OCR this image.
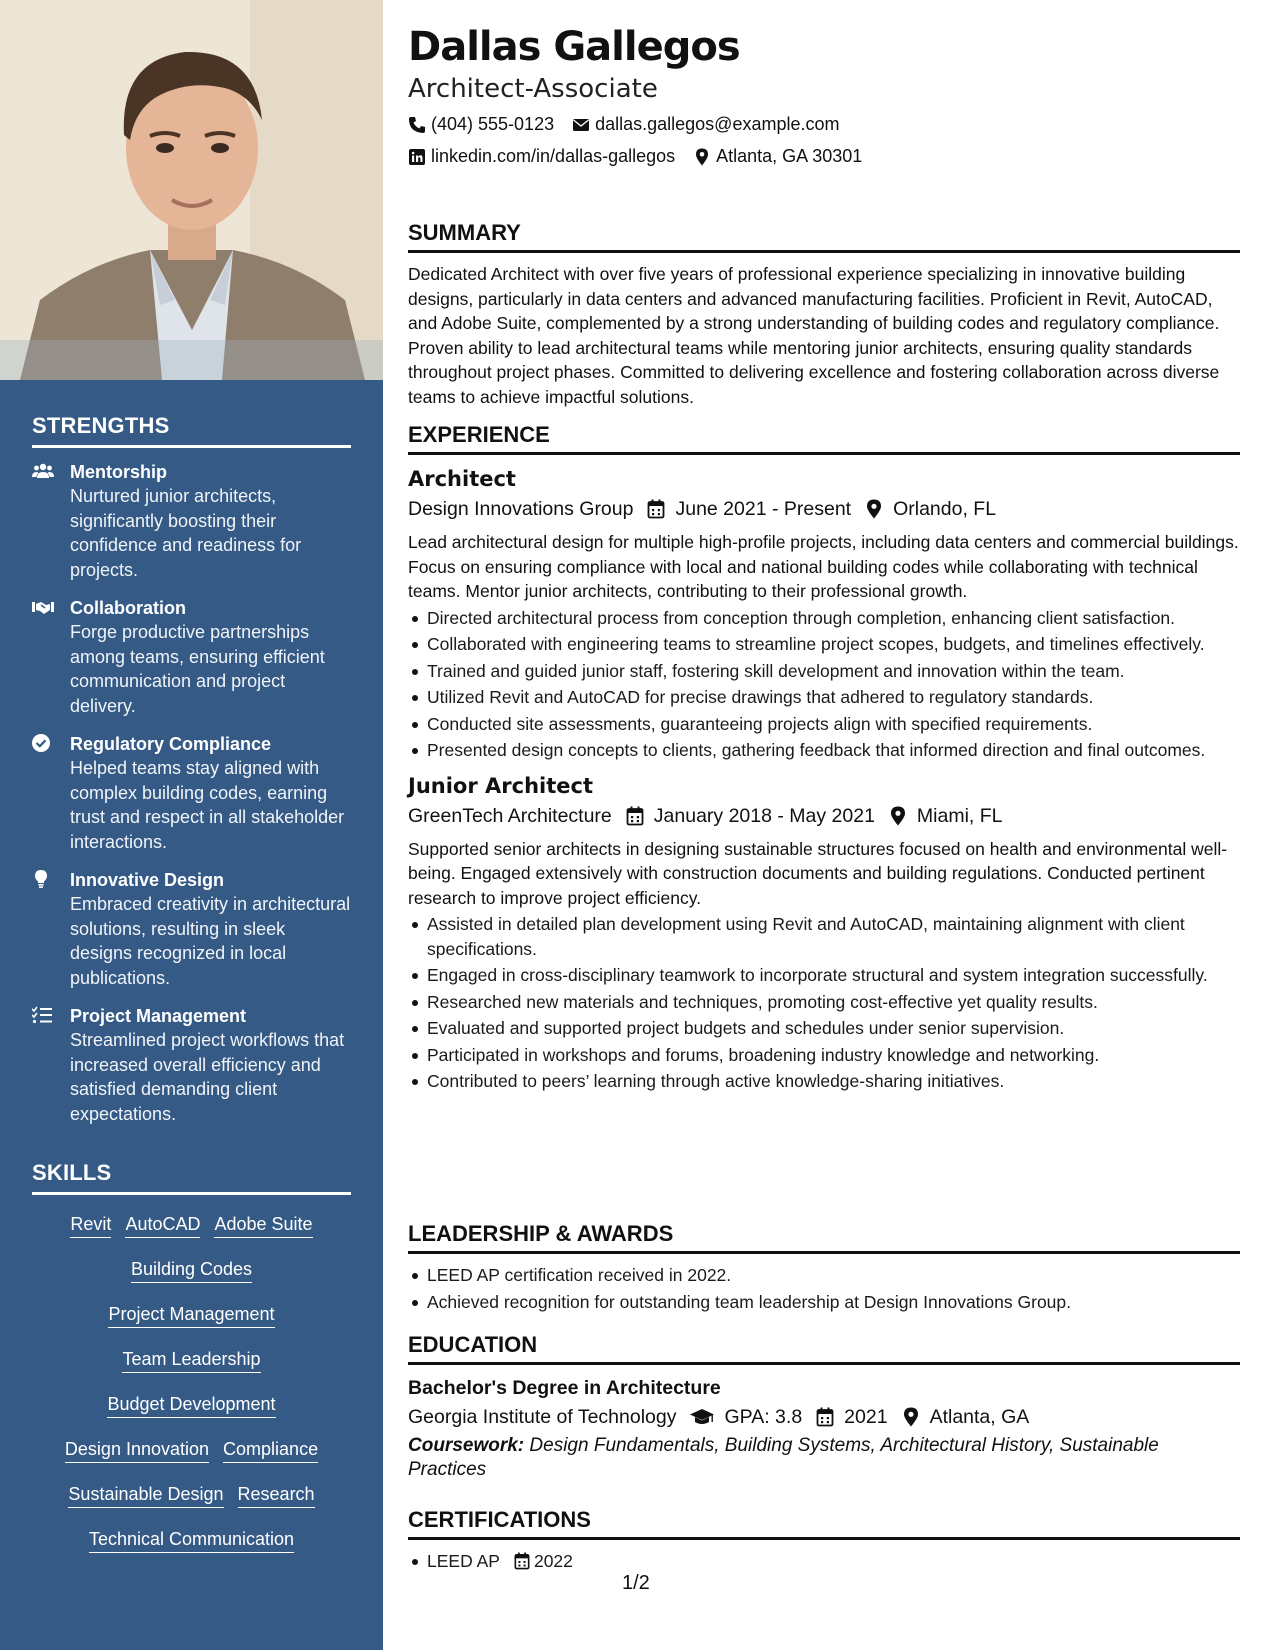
STRENGTHS
Mentorship
Nurtured junior architects, significantly boosting their confidence and readiness for projects.
Collaboration
Forge productive partnerships among teams, ensuring efficient communication and project delivery.
Regulatory Compliance
Helped teams stay aligned with complex building codes, earning trust and respect in all stakeholder interactions.
Innovative Design
Embraced creativity in architectural solutions, resulting in sleek designs recognized in local publications.
Project Management
Streamlined project workflows that increased overall efficiency and satisfied demanding client expectations.
SKILLS
Revit AutoCAD Adobe Suite
Building Codes
Project Management
Team Leadership
Budget Development
Design Innovation Compliance
Sustainable Design Research
Technical Communication
Dallas Gallegos
Architect-Associate
(404) 555-0123 dallas.gallegos@example.com
linkedin.com/in/dallas-gallegos Atlanta, GA 30301
SUMMARY
Dedicated Architect with over five years of professional experience specializing in innovative building designs, particularly in data centers and advanced manufacturing facilities. Proficient in Revit, AutoCAD, and Adobe Suite, complemented by a strong understanding of building codes and regulatory compliance. Proven ability to lead architectural teams while mentoring junior architects, ensuring quality standards throughout project phases. Committed to delivering excellence and fostering collaboration across diverse teams to achieve impactful solutions.
EXPERIENCE
Architect
Design Innovations Group June 2021 - Present Orlando, FL
Lead architectural design for multiple high-profile projects, including data centers and commercial buildings. Focus on ensuring compliance with local and national building codes while collaborating with technical teams. Mentor junior architects, contributing to their professional growth.
Directed architectural process from conception through completion, enhancing client satisfaction.
Collaborated with engineering teams to streamline project scopes, budgets, and timelines effectively.
Trained and guided junior staff, fostering skill development and innovation within the team.
Utilized Revit and AutoCAD for precise drawings that adhered to regulatory standards.
Conducted site assessments, guaranteeing projects align with specified requirements.
Presented design concepts to clients, gathering feedback that informed direction and final outcomes.
Junior Architect
GreenTech Architecture January 2018 - May 2021 Miami, FL
Supported senior architects in designing sustainable structures focused on health and environmental well-being. Engaged extensively with construction documents and building regulations. Conducted pertinent research to improve project efficiency.
Assisted in detailed plan development using Revit and AutoCAD, maintaining alignment with client specifications.
Engaged in cross-disciplinary teamwork to incorporate structural and system integration successfully.
Researched new materials and techniques, promoting cost-effective yet quality results.
Evaluated and supported project budgets and schedules under senior supervision.
Participated in workshops and forums, broadening industry knowledge and networking.
Contributed to peers’ learning through active knowledge-sharing initiatives.
LEADERSHIP & AWARDS
LEED AP certification received in 2022.
Achieved recognition for outstanding team leadership at Design Innovations Group.
EDUCATION
Bachelor's Degree in Architecture
Georgia Institute of Technology GPA: 3.8 2021 Atlanta, GA
Coursework: Design Fundamentals, Building Systems, Architectural History, Sustainable Practices
CERTIFICATIONS
LEED AP 2022
1/2
